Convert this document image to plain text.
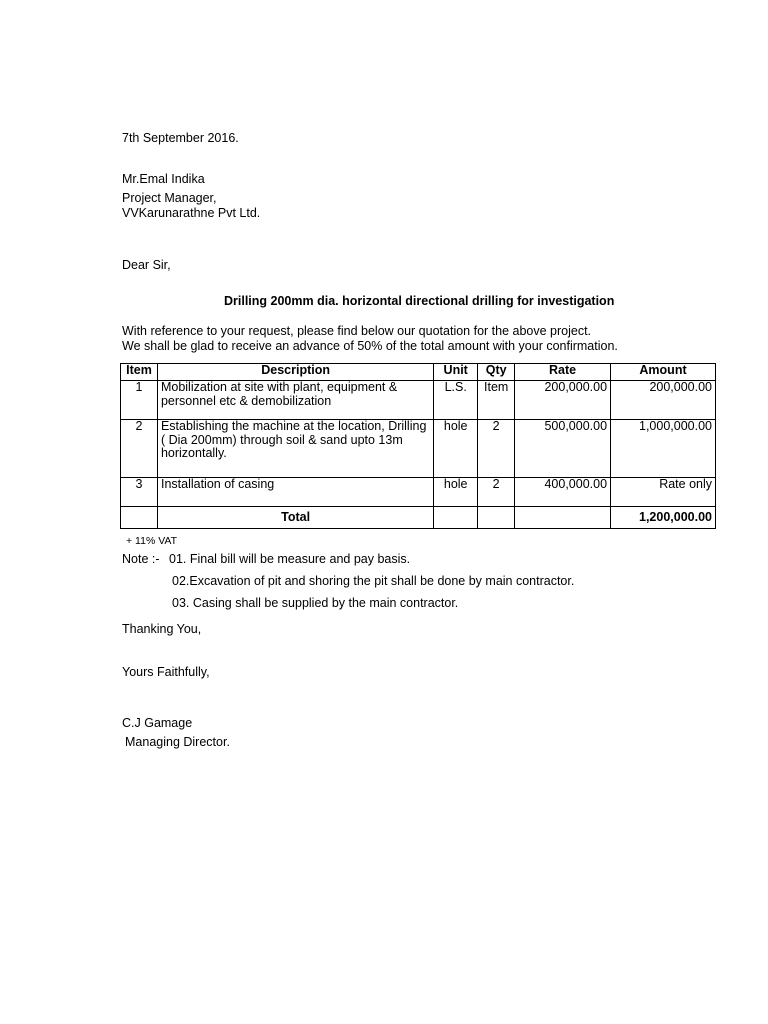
7th September 2016.
Mr.Emal Indika
Project Manager,
VVKarunarathne Pvt Ltd.
Dear Sir,
Drilling 200mm dia. horizontal directional drilling for investigation
With reference to your request, please find below our quotation for the above project.
We shall be glad to receive an advance of 50% of the total amount with your confirmation.
Item	Description	Unit	Qty	Rate	Amount
1	Mobilization at site with plant, equipment & personnel etc & demobilization	L.S.	Item	200,000.00	200,000.00
2	Establishing the machine at the location, Drilling ( Dia 200mm) through soil & sand upto 13m horizontally.	hole	2	500,000.00	1,000,000.00
3	Installation of casing	hole	2	400,000.00	Rate only
	Total				1,200,000.00
+ 11% VAT
Note :- 01. Final bill will be measure and pay basis.
02.Excavation of pit and shoring the pit shall be done by main contractor.
03. Casing shall be supplied by the main contractor.
Thanking You,
Yours Faithfully,
C.J Gamage
Managing Director.
